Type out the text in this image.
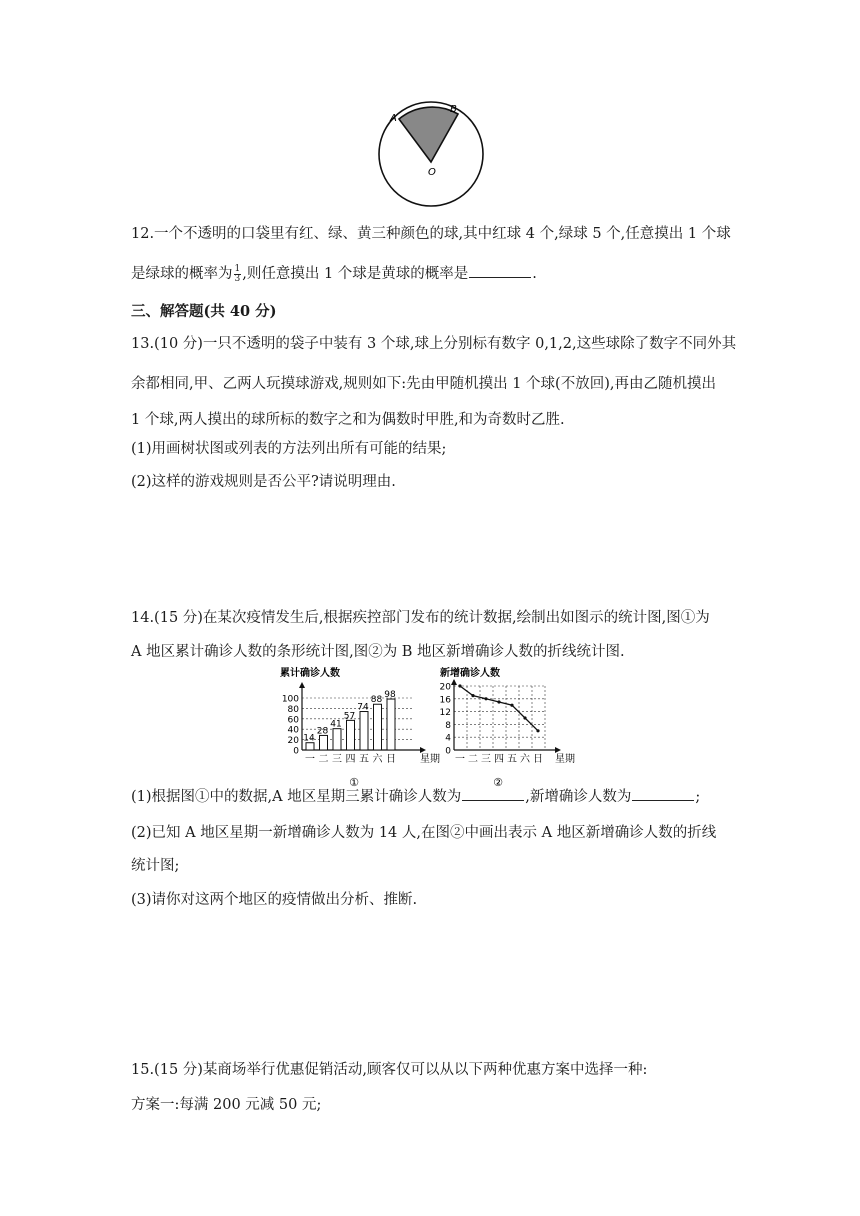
A
B
O
12.一个不透明的口袋里有红、绿、黄三种颜色的球,其中红球 4 个,绿球 5 个,任意摸出 1 个球
是绿球的概率为 $\frac{1}{3}$ ,则任意摸出 1 个球是黄球的概率是	.
三、解答题(共 40 分)
13.(10 分)一只不透明的袋子中装有 3 个球,球上分别标有数字 0,1,2,这些球除了数字不同外其
余都相同,甲、乙两人玩摸球游戏,规则如下:先由甲随机摸出 1 个球(不放回),再由乙随机摸出
1 个球,两人摸出的球所标的数字之和为偶数时甲胜,和为奇数时乙胜.
(1)用画树状图或列表的方法列出所有可能的结果;
(2)这样的游戏规则是否公平?请说明理由.
14.(15 分)在某次疫情发生后,根据疾控部门发布的统计数据,绘制出如图示的统计图,图①为
A 地区累计确诊人数的条形统计图,图②为 B 地区新增确诊人数的折线统计图.
累计确诊人数
0
20
40
60
80
100
14
一
28
二
41
三
57
四
74
五
88
六
98
日 星期
①
新增确诊人数
0
4
8
12
16
20
一 二 三 四 五 六 日 星期
②
(1)根据图①中的数据,A 地区星期三累计确诊人数为	,新增确诊人数为	;
(2)已知 A 地区星期一新增确诊人数为 14 人,在图②中画出表示 A 地区新增确诊人数的折线
统计图;
(3)请你对这两个地区的疫情做出分析、推断.
15.(15 分)某商场举行优惠促销活动,顾客仅可以从以下两种优惠方案中选择一种:
方案一:每满 200 元减 50 元;
